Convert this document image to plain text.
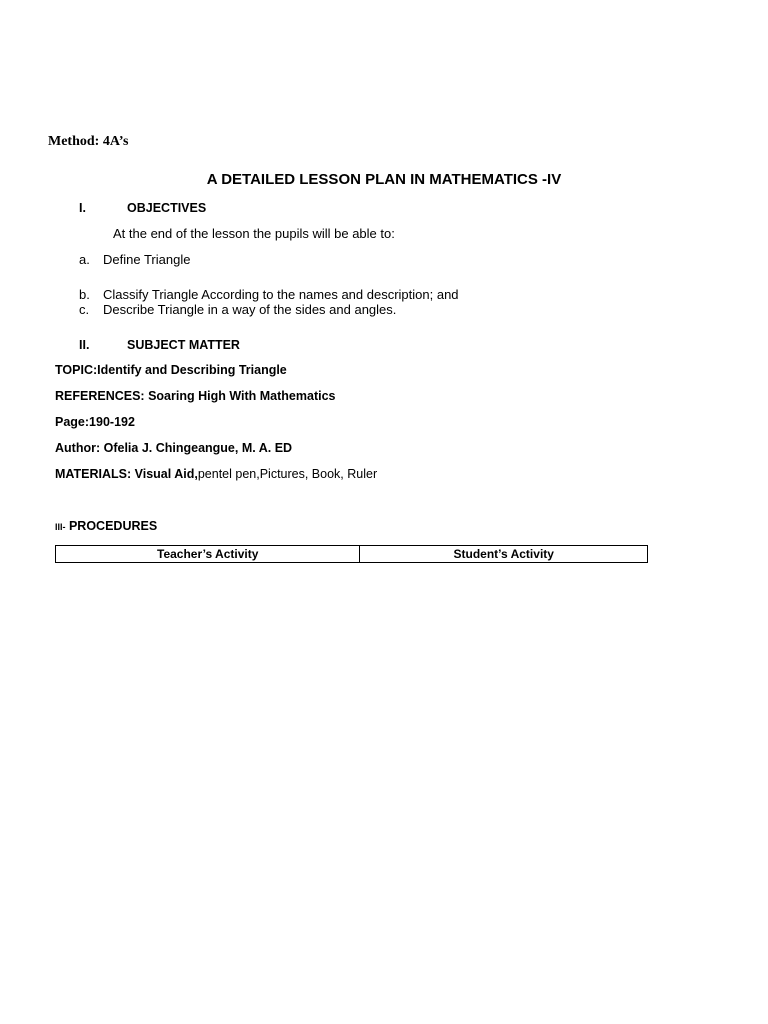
Method: 4A’s
A DETAILED LESSON PLAN IN MATHEMATICS -IV
I.	OBJECTIVES
At the end of the lesson the pupils will be able to:
a. Define Triangle
b. Classify Triangle According to the names and description; and
c. Describe Triangle in a way of the sides and angles.
II.	SUBJECT MATTER
TOPIC:Identify and Describing Triangle
REFERENCES: Soaring High With Mathematics
Page:190-192
Author: Ofelia J. Chingeangue, M. A. ED
MATERIALS: Visual Aid,pentel pen,Pictures, Book, Ruler
III- PROCEDURES
Teacher’s Activity	Student’s Activity
